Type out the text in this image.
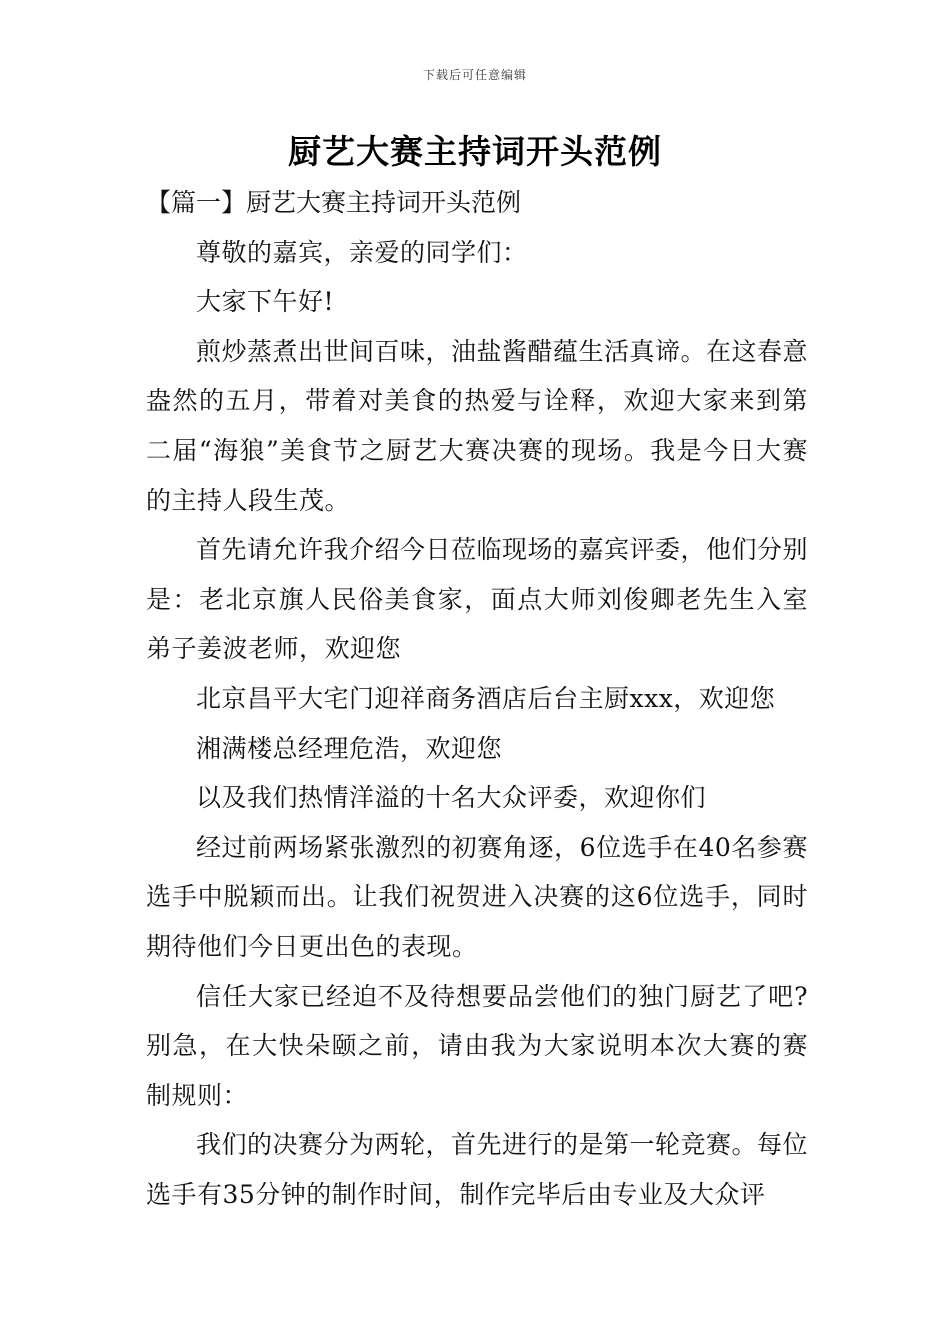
下载后可任意编辑
厨艺大赛主持词开头范例

【篇一】厨艺大赛主持词开头范例

尊敬的嘉宾，亲爱的同学们：

大家下午好!

煎炒蒸煮出世间百味，油盐酱醋蕴生活真谛。在这春意盎然的五月，带着对美食的热爱与诠释，欢迎大家来到第二届“海狼”美食节之厨艺大赛决赛的现场。我是今日大赛的主持人段生茂。

首先请允许我介绍今日莅临现场的嘉宾评委，他们分别是：老北京旗人民俗美食家，面点大师刘俊卿老先生入室弟子姜波老师，欢迎您

北京昌平大宅门迎祥商务酒店后台主厨xxx，欢迎您

湘满楼总经理危浩，欢迎您

以及我们热情洋溢的十名大众评委，欢迎你们

经过前两场紧张激烈的初赛角逐，6位选手在40名参赛选手中脱颖而出。让我们祝贺进入决赛的这6位选手，同时期待他们今日更出色的表现。

信任大家已经迫不及待想要品尝他们的独门厨艺了吧?别急，在大快朵颐之前，请由我为大家说明本次大赛的赛制规则：

我们的决赛分为两轮，首先进行的是第一轮竞赛。每位选手有35分钟的制作时间，制作完毕后由专业及大众评
